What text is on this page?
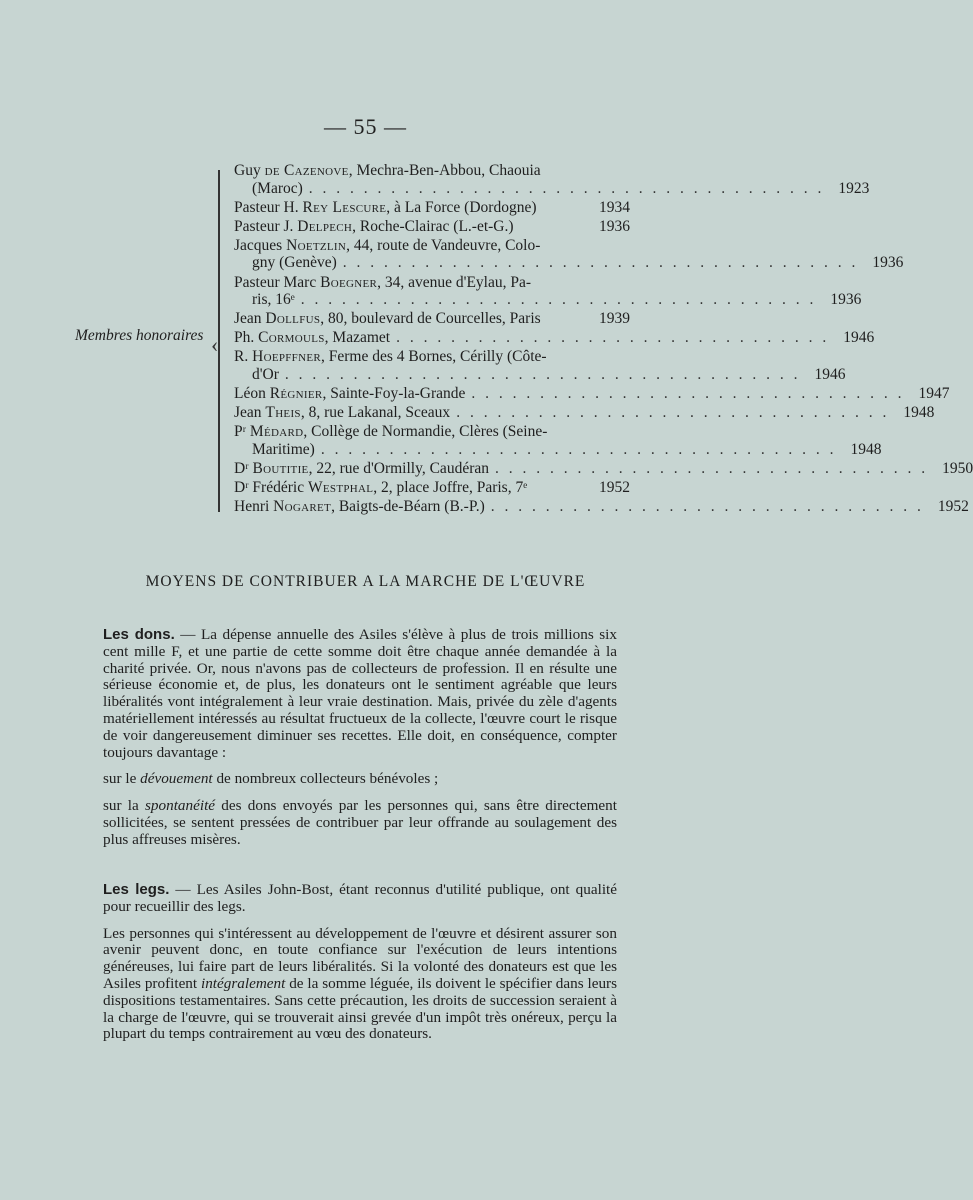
— 55 —
Membres honoraires ‹
Guy de Cazenove, Mechra-Ben-Abbou, Chaouia
(Maroc) . . . . . . . . . . . . . . . . . . . . . . . . . . . . . . . . . . . . . . 1923
Pasteur H. Rey Lescure, à La Force (Dordogne)	1934
Pasteur J. Delpech, Roche-Clairac (L.-et-G.)	1936
Jacques Noetzlin, 44, route de Vandeuvre, Colo-
gny (Genève) . . . . . . . . . . . . . . . . . . . . . . . . . . . . . . . . . . . . . . 1936
Pasteur Marc Boegner, 34, avenue d'Eylau, Pa-
ris, 16ᵉ . . . . . . . . . . . . . . . . . . . . . . . . . . . . . . . . . . . . . . 1936
Jean Dollfus, 80, boulevard de Courcelles, Paris	1939
Ph. Cormouls, Mazamet . . . . . . . . . . . . . . . . . . . . . . . . . . . . . . . . 1946
R. Hoepffner, Ferme des 4 Bornes, Cérilly (Côte-
d'Or . . . . . . . . . . . . . . . . . . . . . . . . . . . . . . . . . . . . . . 1946
Léon Régnier, Sainte-Foy-la-Grande . . . . . . . . . . . . . . . . . . . . . . . . . . . . . . . . 1947
Jean Theis, 8, rue Lakanal, Sceaux . . . . . . . . . . . . . . . . . . . . . . . . . . . . . . . . 1948
Pʳ Médard, Collège de Normandie, Clères (Seine-
Maritime) . . . . . . . . . . . . . . . . . . . . . . . . . . . . . . . . . . . . . . 1948
Dʳ Boutitie, 22, rue d'Ormilly, Caudéran . . . . . . . . . . . . . . . . . . . . . . . . . . . . . . . . 1950
Dʳ Frédéric Westphal, 2, place Joffre, Paris, 7ᵉ	1952
Henri Nogaret, Baigts-de-Béarn (B.-P.) . . . . . . . . . . . . . . . . . . . . . . . . . . . . . . . . 1952
MOYENS DE CONTRIBUER A LA MARCHE DE L'ŒUVRE

Les dons. — La dépense annuelle des Asiles s'élève à plus de trois millions six cent mille F, et une partie de cette somme doit être chaque année demandée à la charité privée. Or, nous n'avons pas de collecteurs de profession. Il en résulte une sérieuse économie et, de plus, les donateurs ont le sentiment agréable que leurs libéralités vont intégralement à leur vraie destination. Mais, privée du zèle d'agents matériellement intéressés au résultat fructueux de la collecte, l'œuvre court le risque de voir dangereusement diminuer ses recettes. Elle doit, en conséquence, compter toujours davantage :

sur le dévouement de nombreux collecteurs bénévoles ;

sur la spontanéité des dons envoyés par les personnes qui, sans être directement sollicitées, se sentent pressées de contribuer par leur offrande au soulagement des plus affreuses misères.

Les legs. — Les Asiles John-Bost, étant reconnus d'utilité publique, ont qualité pour recueillir des legs.

Les personnes qui s'intéressent au développement de l'œuvre et désirent assurer son avenir peuvent donc, en toute confiance sur l'exécution de leurs intentions généreuses, lui faire part de leurs libéralités. Si la volonté des donateurs est que les Asiles profitent intégralement de la somme léguée, ils doivent le spécifier dans leurs dispositions testamentaires. Sans cette précaution, les droits de succession seraient à la charge de l'œuvre, qui se trouverait ainsi grevée d'un impôt très onéreux, perçu la plupart du temps contrairement au vœu des donateurs.
